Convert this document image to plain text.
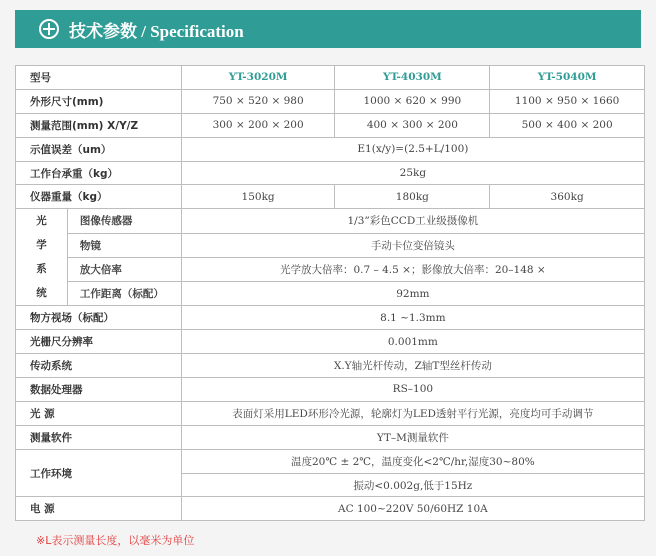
技术参数 / Specification
型号		YT-3020M	YT-4030M	YT-5040M
外形尺寸(mm)		750 × 520 × 980	1000 × 620 × 990	1100 × 950 × 1660
测量范围(mm) X/Y/Z		300 × 200 × 200	400 × 300 × 200	500 × 400 × 200
示值误差（um）		E1(x/y)=(2.5+L/100)		
工作台承重（kg）		25kg		
仪器重量（kg）		150kg	180kg	360kg

光
学
系
统	图像传感器	1/3”彩色CCD工业级摄像机		
	物镜	手动卡位变倍镜头		
	放大倍率	光学放大倍率：0.7 – 4.5 ×；影像放大倍率：20–148 ×		
	工作距离（标配）	92mm		
物方视场（标配）		8.1 ~1.3mm		
光栅尺分辨率		0.001mm		
传动系统		X.Y轴光杆传动，Z轴T型丝杆传动		
数据处理器		RS–100		
光 源		表面灯采用LED环形冷光源，轮廓灯为LED透射平行光源，亮度均可手动调节		
测量软件		YT–M测量软件		
工作环境		温度20℃ ± 2℃，温度变化<2℃/hr,湿度30~80%		
		振动<0.002g,低于15Hz		
电 源		AC 100~220V 50/60HZ 10A		
※L表示测量长度，以毫米为单位
